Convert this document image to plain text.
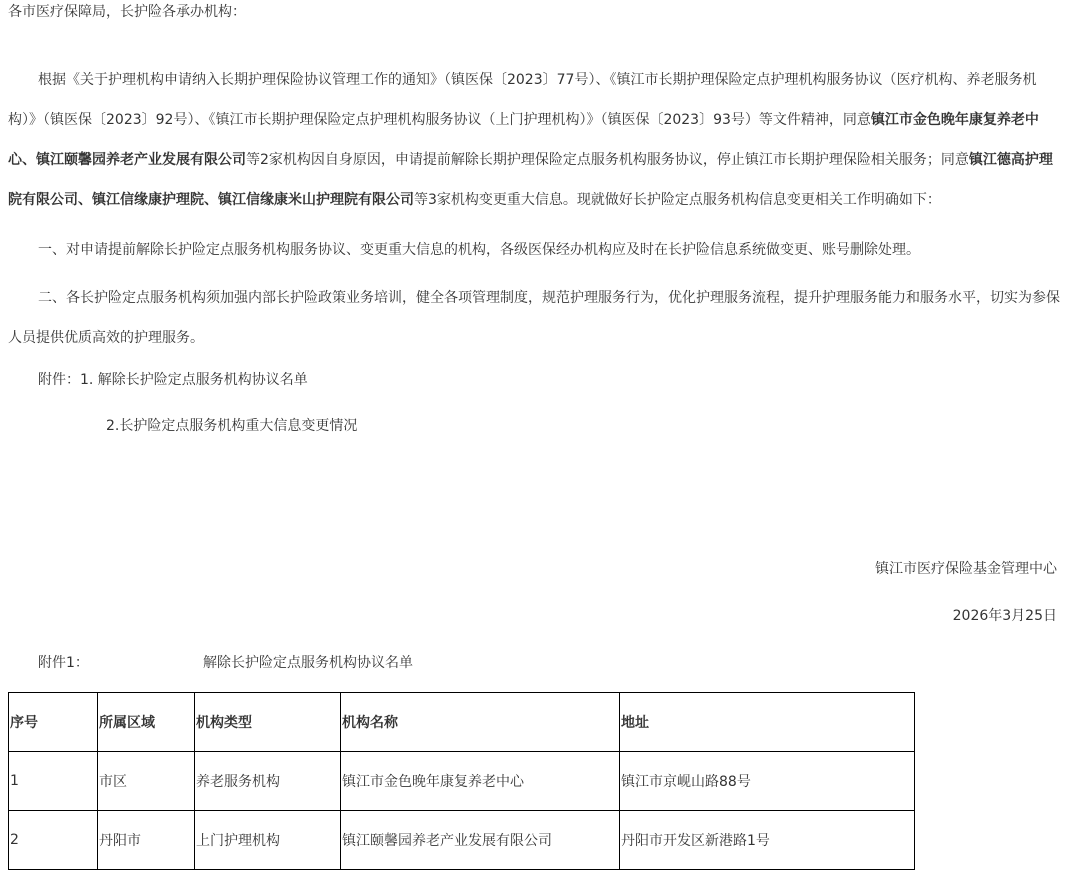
各市医疗保障局，长护险各承办机构：

根据《关于护理机构申请纳入长期护理保险协议管理工作的通知》（镇医保〔2023〕77号）、《镇江市长期护理保险定点护理机构服务协议（医疗机构、养老服务机构）》（镇医保〔2023〕92号）、《镇江市长期护理保险定点护理机构服务协议（上门护理机构）》（镇医保〔2023〕93号）等文件精神，同意镇江市金色晚年康复养老中心、镇江颐馨园养老产业发展有限公司等2家机构因自身原因，申请提前解除长期护理保险定点服务机构服务协议，停止镇江市长期护理保险相关服务；同意镇江德高护理院有限公司、镇江信缘康护理院、镇江信缘康米山护理院有限公司等3家机构变更重大信息。现就做好长护险定点服务机构信息变更相关工作明确如下：

一、对申请提前解除长护险定点服务机构服务协议、变更重大信息的机构，各级医保经办机构应及时在长护险信息系统做变更、账号删除处理。

二、各长护险定点服务机构须加强内部长护险政策业务培训，健全各项管理制度，规范护理服务行为，优化护理服务流程，提升护理服务能力和服务水平，切实为参保人员提供优质高效的护理服务。

附件：1. 解除长护险定点服务机构协议名单
2.长护险定点服务机构重大信息变更情况
镇江市医疗保险基金管理中心
2026年3月25日
附件1：	解除长护险定点服务机构协议名单
序号	所属区域	机构类型	机构名称	地址
1	市区	养老服务机构	镇江市金色晚年康复养老中心	镇江市京岘山路88号
2	丹阳市	上门护理机构	镇江颐馨园养老产业发展有限公司	丹阳市开发区新港路1号
